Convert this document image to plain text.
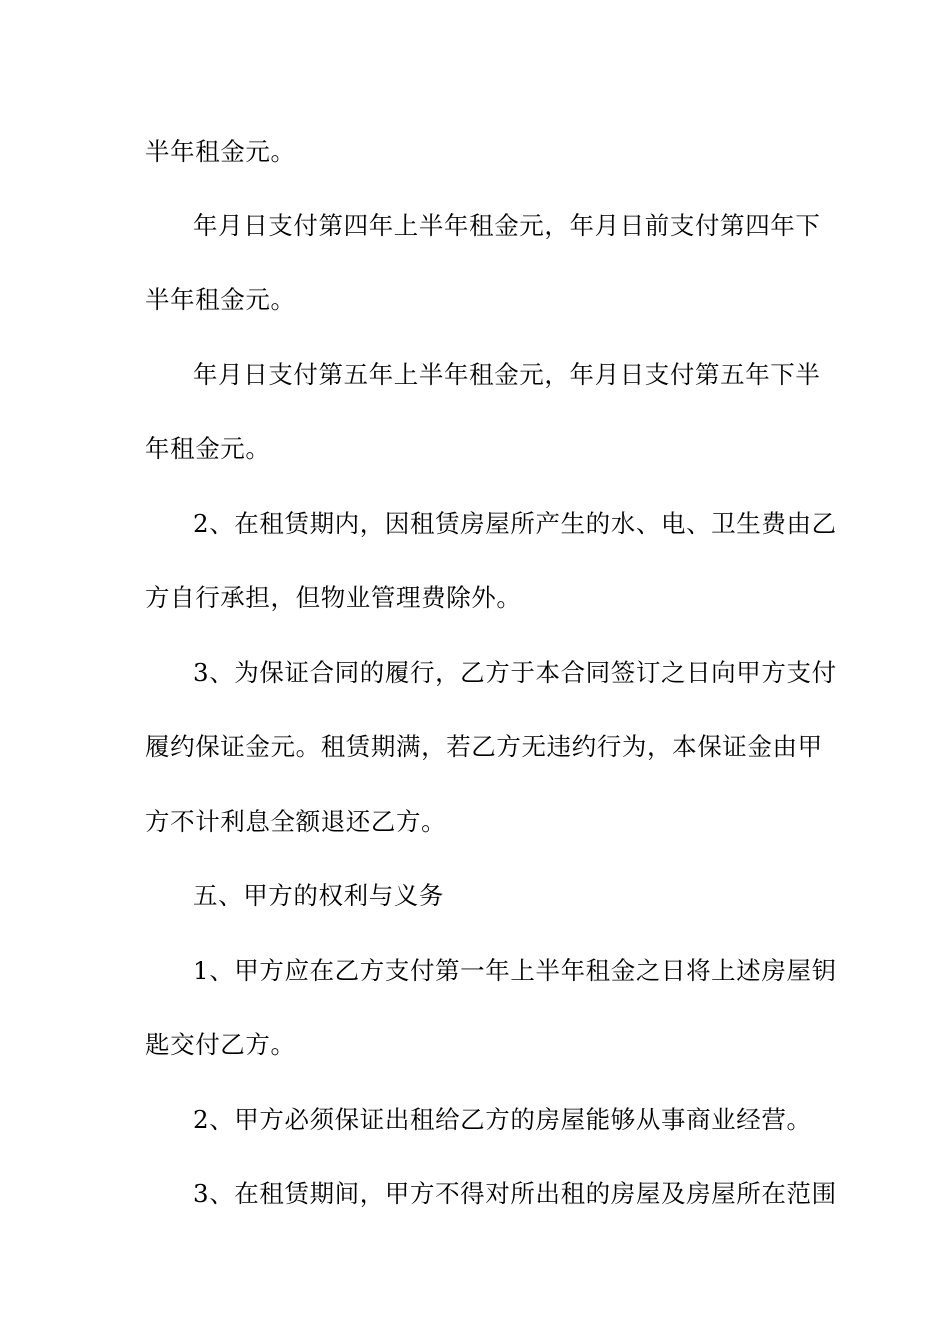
半年租金元。
年月日支付第四年上半年租金元，年月日前支付第四年下
半年租金元。
年月日支付第五年上半年租金元，年月日支付第五年下半
年租金元。
2、在租赁期内，因租赁房屋所产生的水、电、卫生费由乙
方自行承担，但物业管理费除外。
3、为保证合同的履行，乙方于本合同签订之日向甲方支付
履约保证金元。租赁期满，若乙方无违约行为，本保证金由甲
方不计利息全额退还乙方。
五、甲方的权利与义务
1、甲方应在乙方支付第一年上半年租金之日将上述房屋钥
匙交付乙方。
2、甲方必须保证出租给乙方的房屋能够从事商业经营。
3、在租赁期间，甲方不得对所出租的房屋及房屋所在范围
